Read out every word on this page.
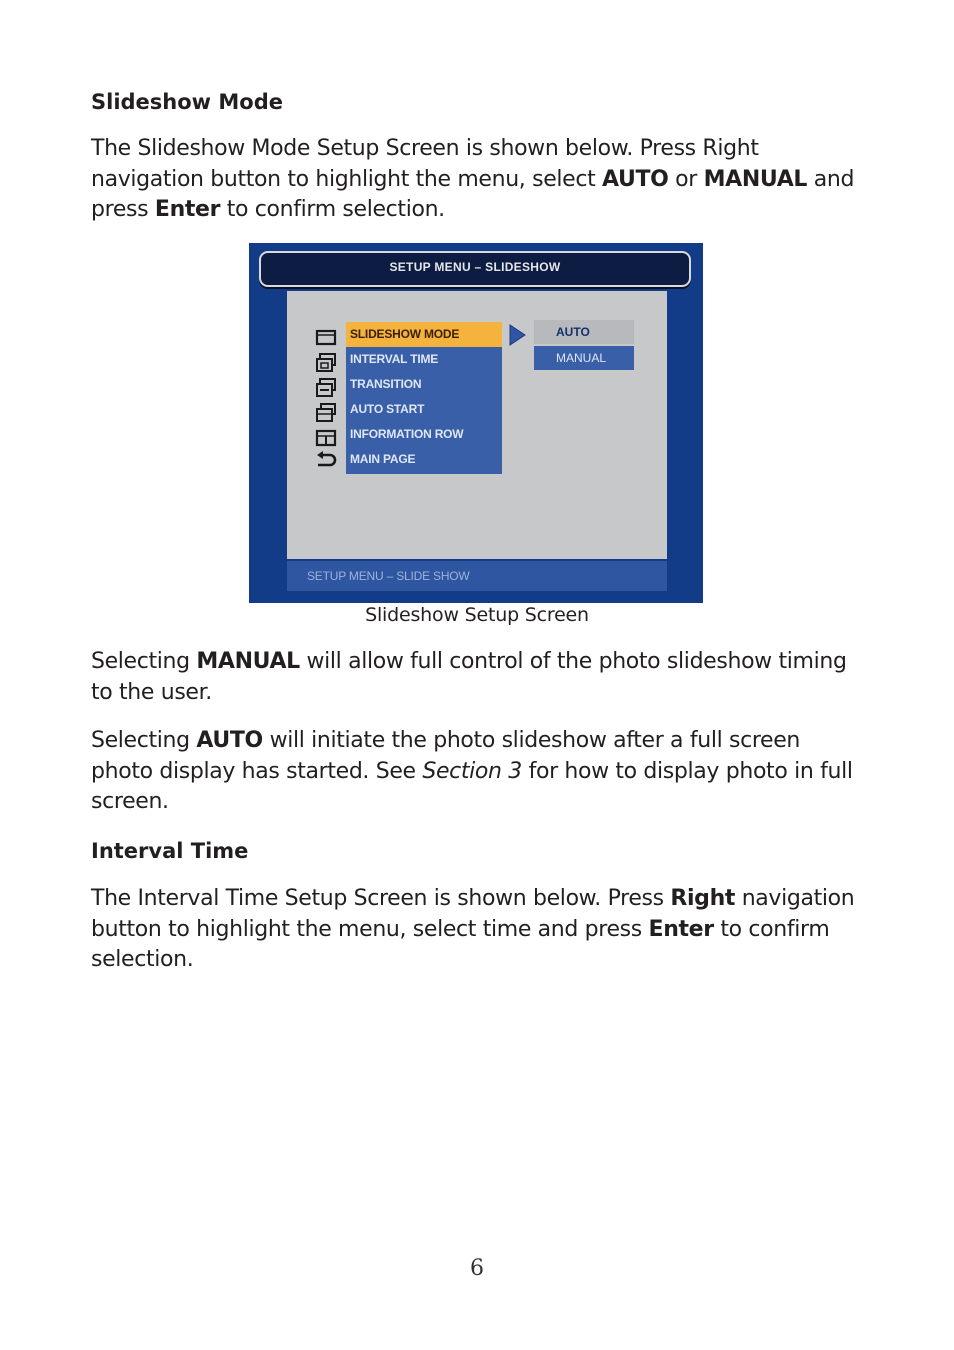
Slideshow Mode
The Slideshow Mode Setup Screen is shown below. Press Right navigation button to highlight the menu, select AUTO or MANUAL and press Enter to confirm selection.
Selecting MANUAL will allow full control of the photo slideshow timing to the user.
Selecting AUTO will initiate the photo slideshow after a full screen photo display has started. See Section 3 for how to display photo in full screen.
Interval Time
The Interval Time Setup Screen is shown below. Press Right navigation button to highlight the menu, select time and press Enter to confirm selection.
SETUP MENU – SLIDESHOW
SLIDESHOW MODE
INTERVAL TIME
TRANSITION
AUTO START
INFORMATION ROW
MAIN PAGE
AUTO
MANUAL
SETUP MENU – SLIDE SHOW
Slideshow Setup Screen
6
